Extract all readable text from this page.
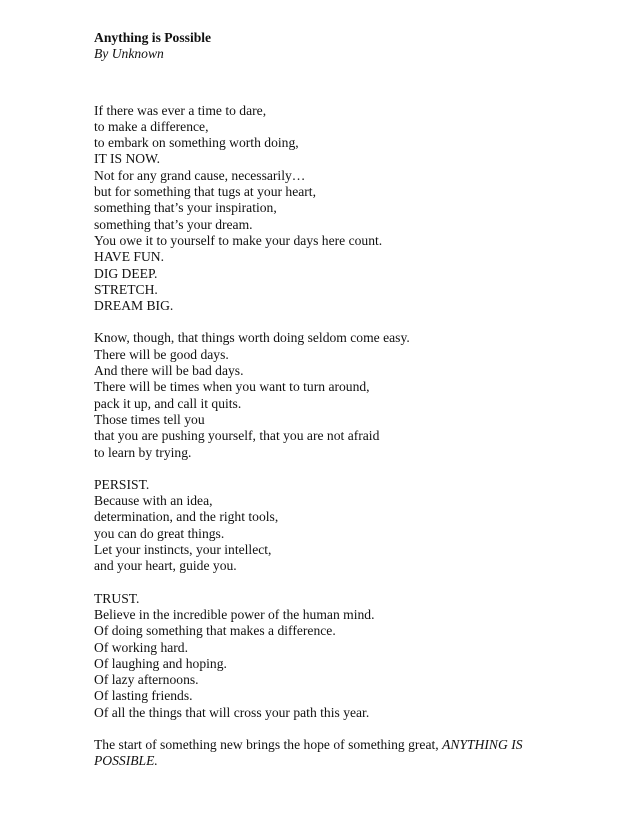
Anything is Possible

By Unknown

If there was ever a time to dare,
to make a difference,
to embark on something worth doing,
IT IS NOW.
Not for any grand cause, necessarily…
but for something that tugs at your heart,
something that’s your inspiration,
something that’s your dream.
You owe it to yourself to make your days here count.
HAVE FUN.
DIG DEEP.
STRETCH.
DREAM BIG.
Know, though, that things worth doing seldom come easy.
There will be good days.
And there will be bad days.
There will be times when you want to turn around,
pack it up, and call it quits.
Those times tell you
that you are pushing yourself, that you are not afraid
to learn by trying.
PERSIST.
Because with an idea,
determination, and the right tools,
you can do great things.
Let your instincts, your intellect,
and your heart, guide you.
TRUST.
Believe in the incredible power of the human mind.
Of doing something that makes a difference.
Of working hard.
Of laughing and hoping.
Of lazy afternoons.
Of lasting friends.
Of all the things that will cross your path this year.

The start of something new brings the hope of something great, ANYTHING IS POSSIBLE.
